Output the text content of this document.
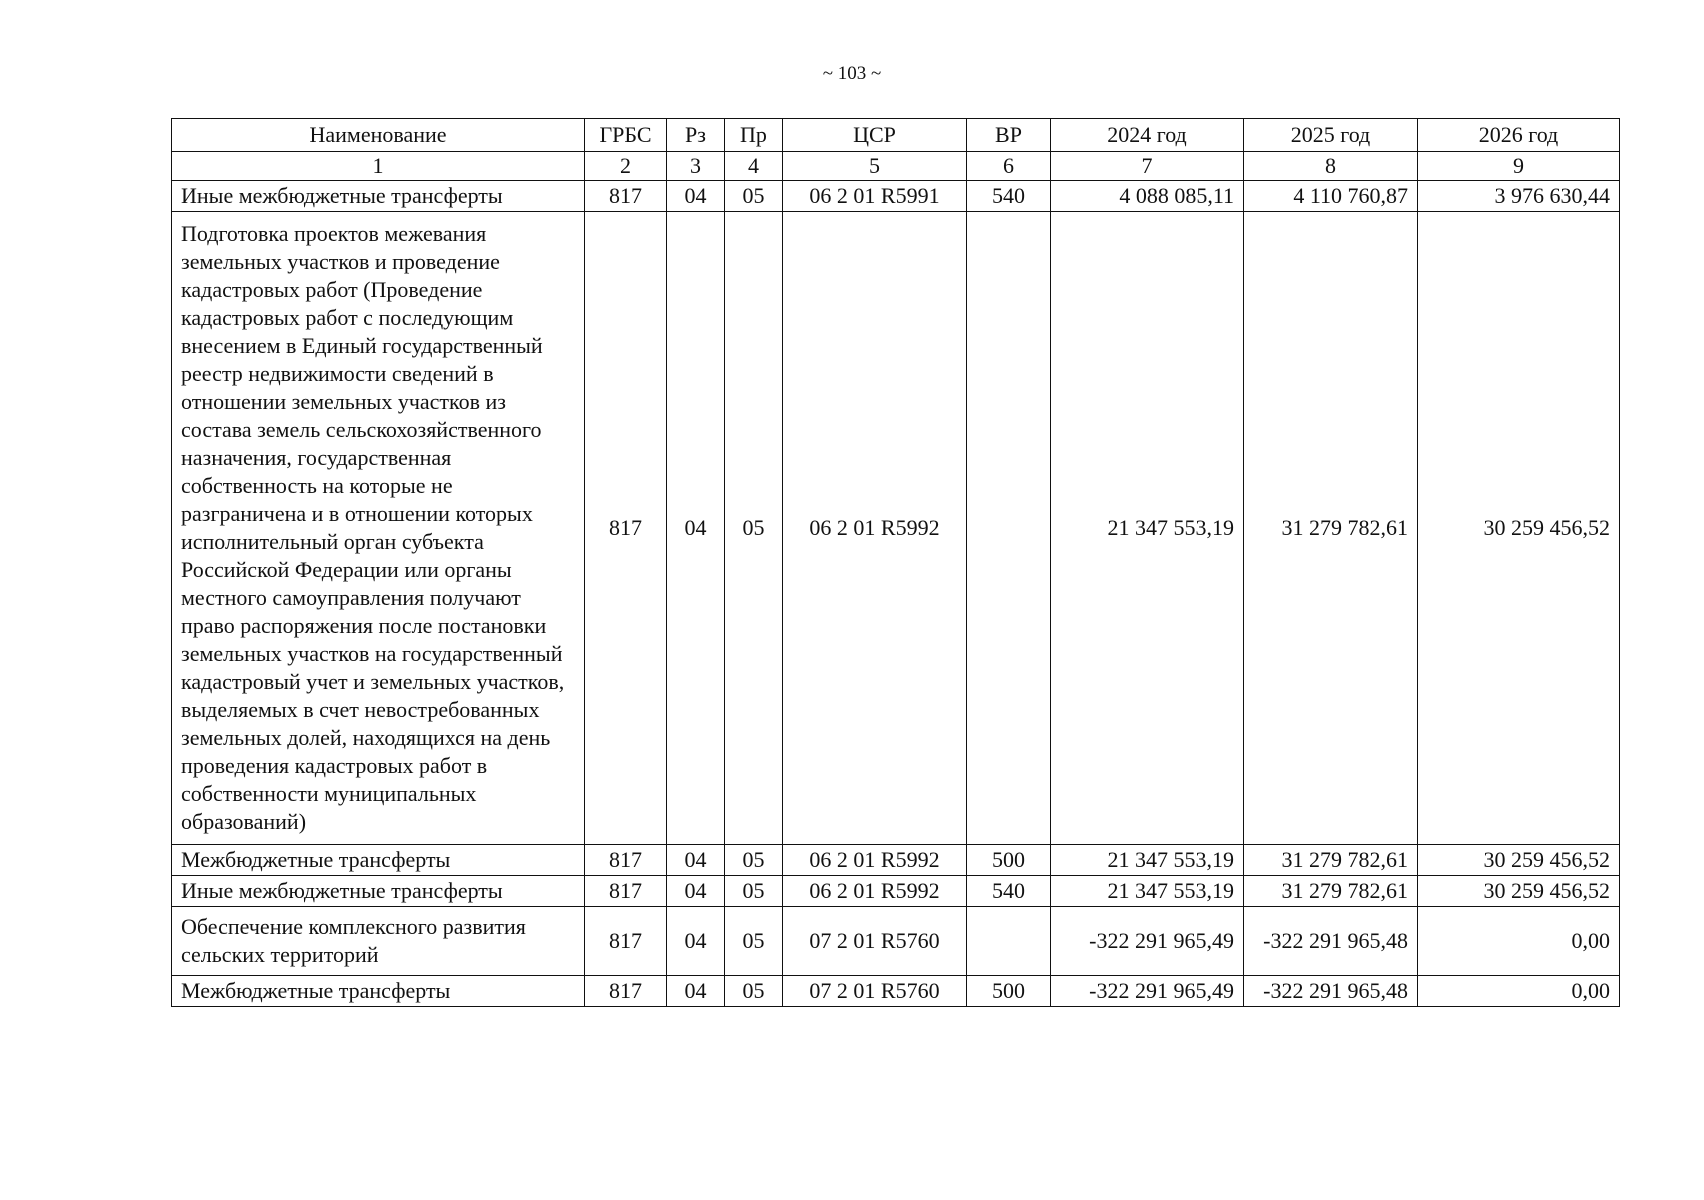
~ 103 ~
Наименование	ГРБС	Рз	Пр	ЦСР	ВР	2024 год	2025 год	2026 год
1	2	3	4	5	6	7	8	9
Иные межбюджетные трансферты	817	04	05	06 2 01 R5991	540	4 088 085,11	4 110 760,87	3 976 630,44
Подготовка проектов межевания земельных участков и проведение кадастровых работ (Проведение кадастровых работ с последующим внесением в Единый государственный реестр недвижимости сведений в отношении земельных участков из состава земель сельскохозяйственного назначения, государственная собственность на которые не разграничена и в отношении которых исполнительный орган субъекта Российской Федерации или органы местного самоуправления получают право распоряжения после постановки земельных участков на государственный кадастровый учет и земельных участков, выделяемых в счет невостребованных земельных долей, находящихся на день проведения кадастровых работ в собственности муниципальных образований)	817	04	05	06 2 01 R5992		21 347 553,19	31 279 782,61	30 259 456,52
Межбюджетные трансферты	817	04	05	06 2 01 R5992	500	21 347 553,19	31 279 782,61	30 259 456,52
Иные межбюджетные трансферты	817	04	05	06 2 01 R5992	540	21 347 553,19	31 279 782,61	30 259 456,52
Обеспечение комплексного развития сельских территорий	817	04	05	07 2 01 R5760		-322 291 965,49	-322 291 965,48	0,00
Межбюджетные трансферты	817	04	05	07 2 01 R5760	500	-322 291 965,49	-322 291 965,48	0,00
